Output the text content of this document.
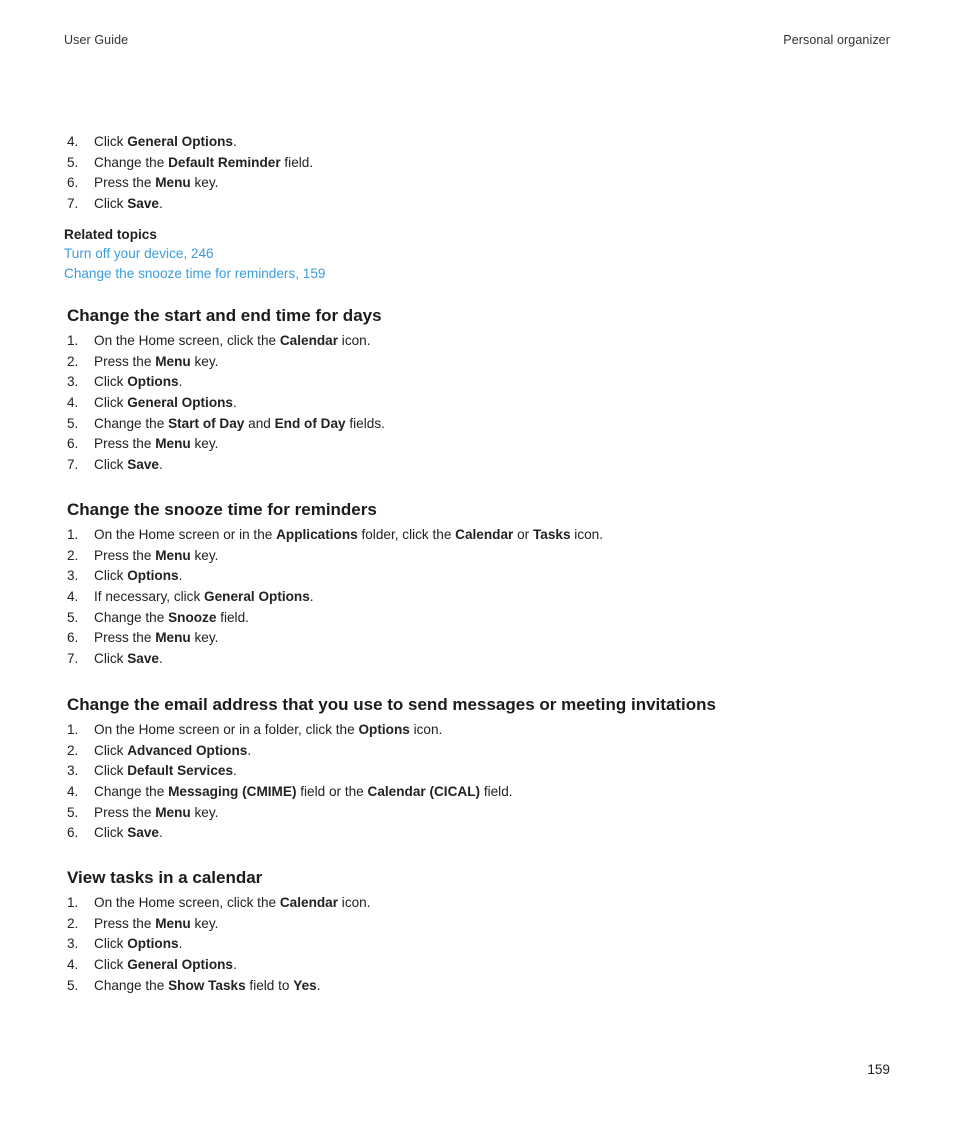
User Guide	Personal organizer
4. Click General Options.
5. Change the Default Reminder field.
6. Press the Menu key.
7. Click Save.
Related topics
Turn off your device, 246
Change the snooze time for reminders, 159
Change the start and end time for days
1. On the Home screen, click the Calendar icon.
2. Press the Menu key.
3. Click Options.
4. Click General Options.
5. Change the Start of Day and End of Day fields.
6. Press the Menu key.
7. Click Save.
Change the snooze time for reminders
1. On the Home screen or in the Applications folder, click the Calendar or Tasks icon.
2. Press the Menu key.
3. Click Options.
4. If necessary, click General Options.
5. Change the Snooze field.
6. Press the Menu key.
7. Click Save.
Change the email address that you use to send messages or meeting invitations
1. On the Home screen or in a folder, click the Options icon.
2. Click Advanced Options.
3. Click Default Services.
4. Change the Messaging (CMIME) field or the Calendar (CICAL) field.
5. Press the Menu key.
6. Click Save.
View tasks in a calendar
1. On the Home screen, click the Calendar icon.
2. Press the Menu key.
3. Click Options.
4. Click General Options.
5. Change the Show Tasks field to Yes.
159
